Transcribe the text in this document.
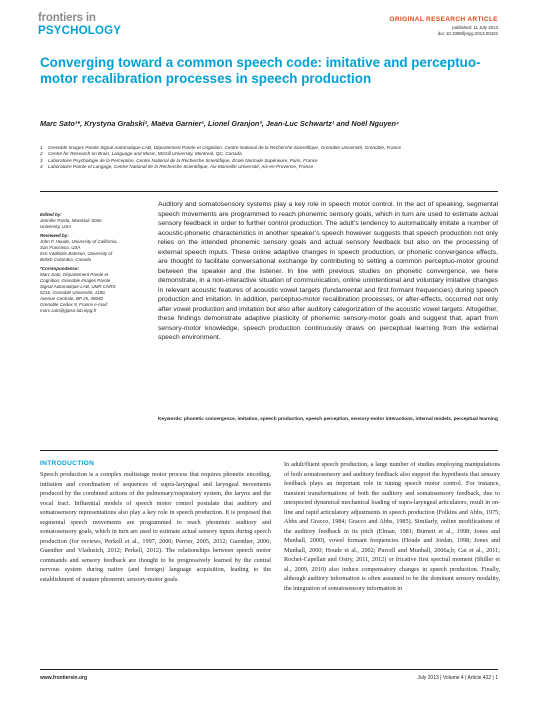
frontiers in
PSYCHOLOGY
ORIGINAL RESEARCH ARTICLE
published: 11 July 2013
doi: 10.3389/fpsyg.2013.00422
Converging toward a common speech code: imitative and perceptuo-motor recalibration processes in speech production
Marc Sato¹*, Krystyna Grabski², Maëva Garnier¹, Lionel Granjon³, Jean-Luc Schwartz¹ and Noël Nguyen⁴
1 Grenoble Images Parole Signal Automatique-LAB, Département Parole et Cognition, Centre National de la Recherche Scientifique, Grenoble Université, Grenoble, France
2 Centre for Research on Brain, Language and Music, McGill University, Montreal, QC, Canada
3 Laboratoire Psychologie de la Perception, Centre National de la Recherche Scientifique, École Normale Supérieure, Paris, France
4 Laboratoire Parole et Langage, Centre National de la Recherche Scientifique, Aix-Marseille Université, Aix-en-Provence, France
Edited by:
Jennifer Pardo, Montclair State University, USA
Reviewed by:
John F. Houde, University of California, San Francisco, USA
Eric Vatikiotis-Bateson, University of British Columbia, Canada
*Correspondence:
Marc Sato, Département Parole et Cognition, Grenoble Images Parole Signal Automatique-LAB, UMR CNRS 5216, Grenoble Université, 1180, Avenue Centrale, BP 25, 38040 Grenoble Cedex 9, France e-mail: marc.sato@gipsa-lab.inpg.fr

Auditory and somatosensory systems play a key role in speech motor control. In the act of speaking, segmental speech movements are programmed to reach phonemic sensory goals, which in turn are used to estimate actual sensory feedback in order to further control production. The adult’s tendency to automatically imitate a number of acoustic-phonetic characteristics in another speaker’s speech however suggests that speech production not only relies on the intended phonemic sensory goals and actual sensory feedback but also on the processing of external speech inputs. These online adaptive changes in speech production, or phonetic convergence effects, are thought to facilitate conversational exchange by contributing to setting a common perceptuo-motor ground between the speaker and the listener. In line with previous studies on phonetic convergence, we here demonstrate, in a non-interactive situation of communication, online unintentional and voluntary imitative changes in relevant acoustic features of acoustic vowel targets (fundamental and first formant frequencies) during speech production and imitation. In addition, perceptuo-motor recalibration processes, or after-effects, occurred not only after vowel production and imitation but also after auditory categorization of the acoustic vowel targets. Altogether, these findings demonstrate adaptive plasticity of phonemic sensory-motor goals and suggest that, apart from sensory-motor knowledge, speech production continuously draws on perceptual learning from the external speech environment.

Keywords: phonetic convergence, imitation, speech production, speech perception, sensory-motor interactions, internal models, perceptual learning
INTRODUCTION

Speech production is a complex multistage motor process that requires phonetic encoding, initiation and coordination of sequences of supra-laryngeal and laryngeal movements produced by the combined actions of the pulmonary/respiratory system, the larynx and the vocal tract. Influential models of speech motor control postulate that auditory and somatosensory representations also play a key role in speech production. It is proposed that segmental speech movements are programmed to reach phonemic auditory and somatosensory goals, which in turn are used to estimate actual sensory inputs during speech production (for reviews, Perkell et al., 1997, 2000; Perrier, 2005, 2012; Guenther, 2006; Guenther and Vladusich, 2012; Perkell, 2012). The relationships between speech motor commands and sensory feedback are thought to be progressively learned by the central nervous system during native (and foreign) language acquisition, leading to the establishment of mature phonemic sensory-motor goals.

In adult/fluent speech production, a large number of studies employing manipulations of both somatosensory and auditory feedback also support the hypothesis that sensory feedback plays an important role in tuning speech motor control. For instance, transient transformations of both the auditory and somatosensory feedback, due to unexpected dynamical mechanical loading of supra-laryngeal articulators, result in on-line and rapid articulatory adjustments in speech production (Folkins and Abbs, 1975; Abbs and Gracco, 1984; Gracco and Abbs, 1985). Similarly, online modifications of the auditory feedback in its pitch (Elman, 1981; Burnett et al., 1998; Jones and Munhall, 2000), vowel formant frequencies (Houde and Jordan, 1998; Jones and Munhall, 2000; Houde et al., 2002; Purcell and Munhall, 2006a,b; Cai et al., 2011; Rochet-Capellan and Ostry, 2011, 2012) or fricative first spectral moment (Shiller et al., 2009, 2010) also induce compensatory changes in speech production. Finally, although auditory information is often assumed to be the dominant sensory modality, the integration of somatosensory information in

www.frontiersin.org	July 2013 | Volume 4 | Article 422 | 1
